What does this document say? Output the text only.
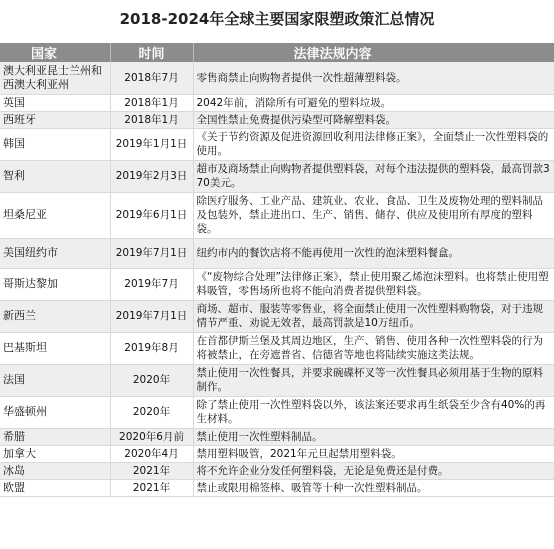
2018-2024年全球主要国家限塑政策汇总情况
国家	时间	法律法规内容
澳大利亚昆士兰州和西澳大利亚州	2018年7月	零售商禁止向购物者提供一次性超薄塑料袋。
英国	2018年1月	2042年前，消除所有可避免的塑料垃圾。
西班牙	2018年1月	全国性禁止免费提供污染型可降解塑料袋。
韩国	2019年1月1日	《关于节约资源及促进资源回收利用法律修正案》，全面禁止一次性塑料袋的使用。
智利	2019年2月3日	超市及商场禁止向购物者提供塑料袋，对每个违法提供的塑料袋，最高罚款370美元。
坦桑尼亚	2019年6月1日	除医疗服务、工业产品、建筑业、农业、食品、卫生及废物处理的塑料制品及包装外，禁止进出口、生产、销售、储存、供应及使用所有厚度的塑料袋。
美国纽约市	2019年7月1日	纽约市内的餐饮店将不能再使用一次性的泡沫塑料餐盒。
哥斯达黎加	2019年7月	《“废物综合处理”法律修正案》，禁止使用聚乙烯泡沫塑料。也将禁止使用塑料吸管，零售场所也将不能向消费者提供塑料袋。
新西兰	2019年7月1日	商场、超市、服装等零售业，将全面禁止使用一次性塑料购物袋，对于违规情节严重、劝说无效者，最高罚款是10万纽币。
巴基斯坦	2019年8月	在首都伊斯兰堡及其周边地区，生产、销售、使用各种一次性塑料袋的行为将被禁止，在旁遮普省、信德省等地也将陆续实施这类法规。
法国	2020年	禁止使用一次性餐具，并要求碗碟杯叉等一次性餐具必须用基于生物的原料制作。
华盛顿州	2020年	除了禁止使用一次性塑料袋以外，该法案还要求再生纸袋至少含有40%的再生材料。
希腊	2020年6月前	禁止使用一次性塑料制品。
加拿大	2020年4月	禁用塑料吸管，2021年元旦起禁用塑料袋。
冰岛	2021年	将不允许企业分发任何塑料袋，无论是免费还是付费。
欧盟	2021年	禁止或限用棉签棒、吸管等十种一次性塑料制品。
